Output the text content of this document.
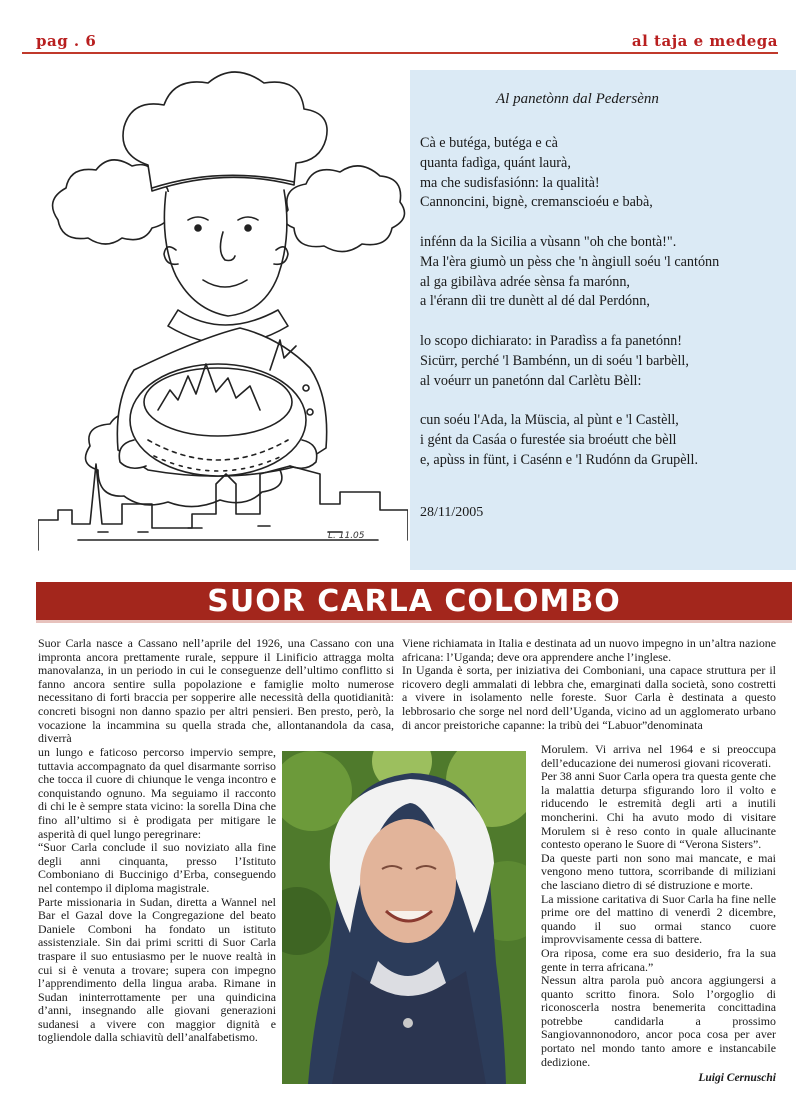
pag . 6	al taja e medega
L. 11.05
Al panetònn dal Pedersènn
Cà e butéga, butéga e cà
quanta fadìga, quánt laurà,
ma che sudisfasiónn: la qualità!
Cannoncini, bignè, cremanscioéu e babà,
infénn da la Sicilia a vùsann "oh che bontà!".
Ma l'èra giumò un pèss che 'n àngiull soéu 'l cantónn
al ga gibilàva adrée sènsa fa marónn,
a l'érann dìi tre dunètt al dé dal Perdónn,
lo scopo dichiarato: in Paradìss a fa panetónn!
Sicürr, perché 'l Bambénn, un di soéu 'l barbèll,
al voéurr un panetónn dal Carlètu Bèll:
cun soéu l'Ada, la Müscia, al pùnt e 'l Castèll,
i gént da Casáa o furestée sia broéutt che bèll
e, apùss in fünt, i Casénn e 'l Rudónn da Grupèll.
28/11/2005
SUOR CARLA COLOMBO

Suor Carla nasce a Cassano nell’aprile del 1926, una Cassano con una impronta ancora prettamente rurale, seppure il Linificio attragga molta manovalanza, in un periodo in cui le conseguenze dell’ultimo conflitto si fanno ancora sentire sulla popolazione e famiglie molto numerose necessitano di forti braccia per sopperire alle necessità della quotidianità: concreti bisogni non danno spazio per altri pensieri. Ben presto, però, la vocazione la incammina su quella strada che, allontanandola da casa, diverrà

un lungo e faticoso percorso impervio sempre, tuttavia accompagnato da quel disarmante sorriso che tocca il cuore di chiunque le venga incontro e conquistando ognuno. Ma seguiamo il racconto di chi le è sempre stata vicino: la sorella Dina che fino all’ultimo si è prodigata per mitigare le asperità di quel lungo peregrinare:
“Suor Carla conclude il suo noviziato alla fine degli anni cinquanta, presso l’Istituto Comboniano di Buccinigo d’Erba, conseguendo nel contempo il diploma magistrale.
Parte missionaria in Sudan, diretta a Wannel nel Bar el Gazal dove la Congregazione del beato Daniele Comboni ha fondato un istituto assistenziale. Sin dai primi scritti di Suor Carla traspare il suo entusiasmo per le nuove realtà in cui si è venuta a trovare; supera con impegno l’apprendimento della lingua araba. Rimane in Sudan ininterrottamente per una quindicina d’anni, insegnando alle giovani generazioni sudanesi a vivere con maggior dignità e togliendole dalla schiavitù dell’analfabetismo.

Viene richiamata in Italia e destinata ad un nuovo impegno in un’altra nazione africana: l’Uganda; deve ora apprendere anche l’inglese.
In Uganda è sorta, per iniziativa dei Comboniani, una capace struttura per il ricovero degli ammalati di lebbra che, emarginati dalla società, sono costretti a vivere in isolamento nelle foreste. Suor Carla è destinata a questo lebbrosario che sorge nel nord dell’Uganda, vicino ad un agglomerato urbano di ancor preistoriche capanne: la tribù dei “Labuor”denominata

Morulem. Vi arriva nel 1964 e si preoccupa dell’educazione dei numerosi giovani ricoverati.
Per 38 anni Suor Carla opera tra questa gente che la malattia deturpa sfigurando loro il volto e riducendo le estremità degli arti a inutili moncherini. Chi ha avuto modo di visitare Morulem si è reso conto in quale allucinante contesto operano le Suore di “Verona Sisters”.
Da queste parti non sono mai mancate, e mai vengono meno tuttora, scorribande di miliziani che lasciano dietro di sé distruzione e morte.
La missione caritativa di Suor Carla ha fine nelle prime ore del mattino di venerdì 2 dicembre, quando il suo ormai stanco cuore improvvisamente cessa di battere.
Ora riposa, come era suo desiderio, fra la sua gente in terra africana.”
Nessun altra parola può ancora aggiungersi a quanto scritto finora. Solo l’orgoglio di riconoscerla nostra benemerita concittadina potrebbe candidarla a prossimo Sangiovannonodoro, ancor poca cosa per aver portato nel mondo tanto amore e instancabile dedizione.

Luigi Cernuschi
